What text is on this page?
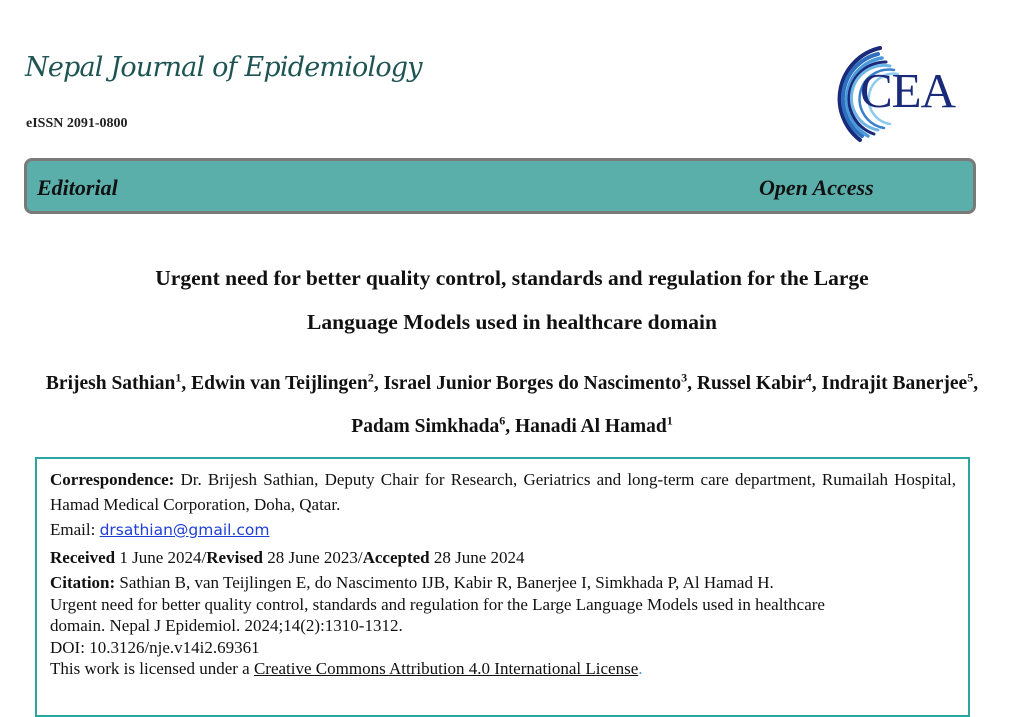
Nepal Journal of Epidemiology
eISSN 2091-0800
CEA
Editorial	Open Access
Urgent need for better quality control, standards and regulation for the Large
Language Models used in healthcare domain
Brijesh Sathian$^1$, Edwin van Teijlingen$^2$, Israel Junior Borges do Nascimento$^3$, Russel Kabir$^4$, Indrajit Banerjee$^5$, Padam Simkhada$^6$, Hanadi Al Hamad$^1$

Correspondence: Dr. Brijesh Sathian, Deputy Chair for Research, Geriatrics and long-term care department, Rumailah Hospital, Hamad Medical Corporation, Doha, Qatar.

Email: drsathian@gmail.com

Received 1 June 2024/Revised 28 June 2023/Accepted 28 June 2024

Citation: Sathian B, van Teijlingen E, do Nascimento IJB, Kabir R, Banerjee I, Simkhada P, Al Hamad H.

Urgent need for better quality control, standards and regulation for the Large Language Models used in healthcare

domain. Nepal J Epidemiol. 2024;14(2):1310-1312.

DOI: 10.3126/nje.v14i2.69361

This work is licensed under a Creative Commons Attribution 4.0 International License.
